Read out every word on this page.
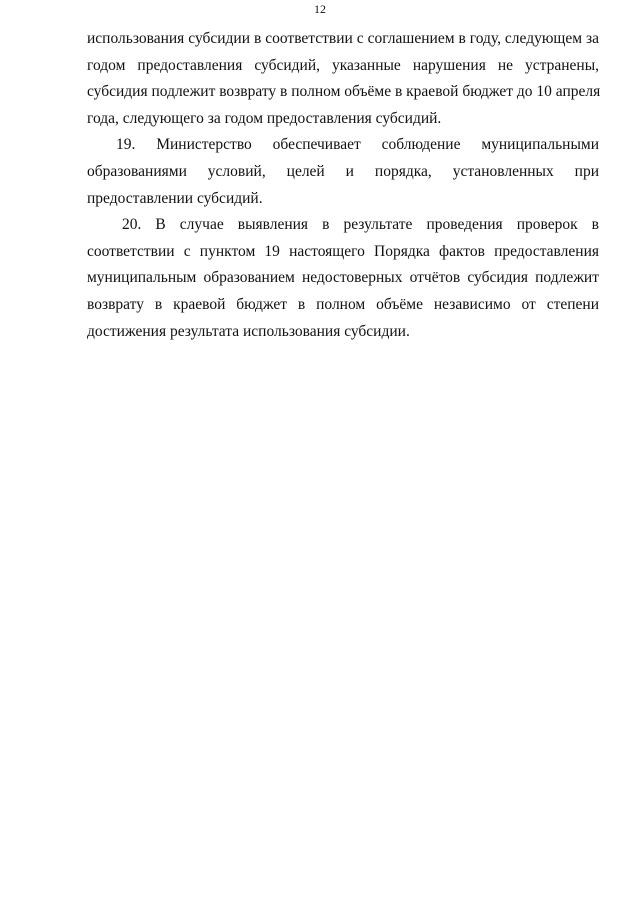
12

использования субсидии в соответствии с соглашением в году, следующем за

годом предоставления субсидий, указанные нарушения не устранены,

субсидия подлежит возврату в полном объёме в краевой бюджет до 10 апреля

года, следующего за годом предоставления субсидий.

19. Министерство обеспечивает соблюдение муниципальными

образованиями условий, целей и порядка, установленных при

предоставлении субсидий.

20. В случае выявления в результате проведения проверок в

соответствии с пунктом 19 настоящего Порядка фактов предоставления

муниципальным образованием недостоверных отчётов субсидия подлежит

возврату в краевой бюджет в полном объёме независимо от степени

достижения результата использования субсидии.
